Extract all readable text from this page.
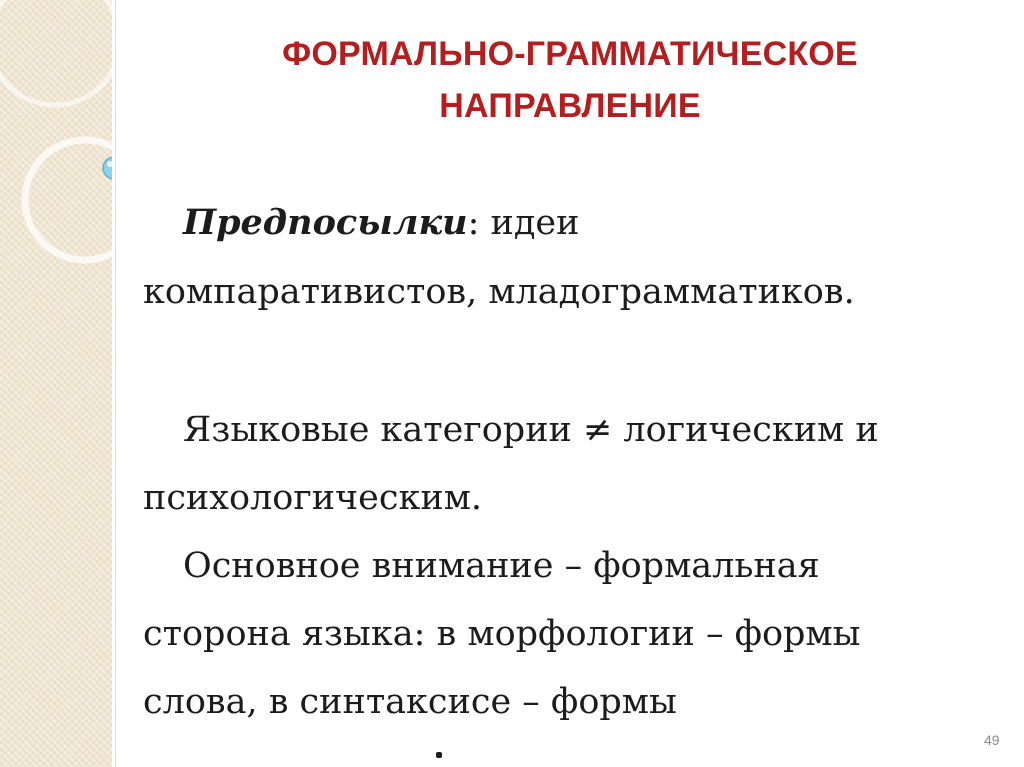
ФОРМАЛЬНО-ГРАММАТИЧЕСКОЕ
НАПРАВЛЕНИЕ
Предпосылки: идеи
компаративистов, младограмматиков.
Языковые категории ≠ логическим и
психологическим.
Основное внимание – формальная
сторона языка: в морфологии – формы
слова, в синтаксисе – формы
49
